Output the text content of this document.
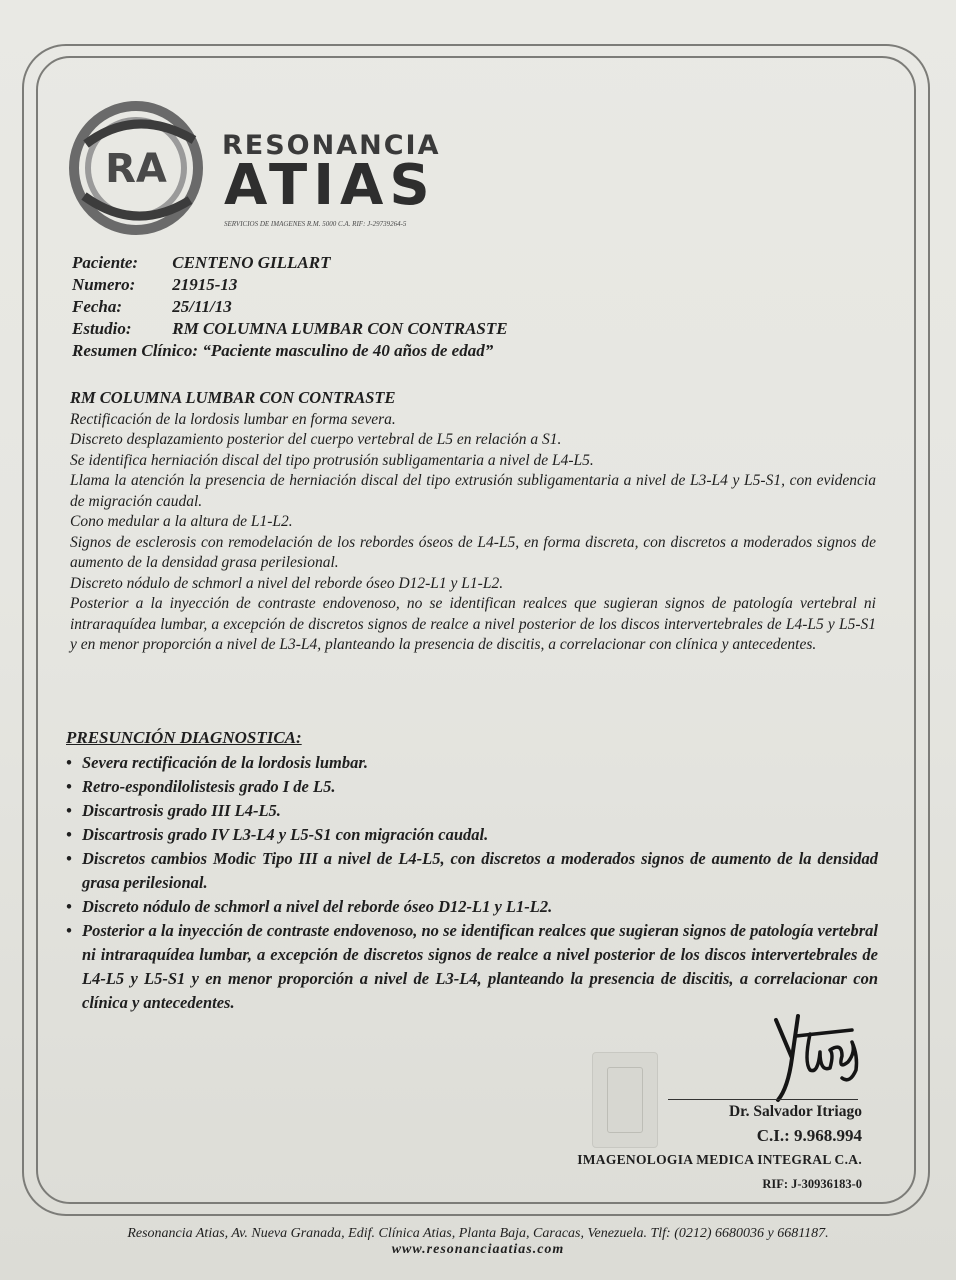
RA
RESONANCIA
ATIAS
SERVICIOS DE IMAGENES R.M. 5000 C.A. RIF: J-29739264-5
Paciente: CENTENO GILLART
Numero: 21915-13
Fecha:	25/11/13
Estudio: RM COLUMNA LUMBAR CON CONTRASTE
Resumen Clínico: “Paciente masculino de 40 años de edad”
RM COLUMNA LUMBAR CON CONTRASTE

Rectificación de la lordosis lumbar en forma severa.

Discreto desplazamiento posterior del cuerpo vertebral de L5 en relación a S1.

Se identifica herniación discal del tipo protrusión subligamentaria a nivel de L4-L5.

Llama la atención la presencia de herniación discal del tipo extrusión subligamentaria a nivel de L3-L4 y L5-S1, con evidencia de migración caudal.

Cono medular a la altura de L1-L2.

Signos de esclerosis con remodelación de los rebordes óseos de L4-L5, en forma discreta, con discretos a moderados signos de aumento de la densidad grasa perilesional.

Discreto nódulo de schmorl a nivel del reborde óseo D12-L1 y L1-L2.

Posterior a la inyección de contraste endovenoso, no se identifican realces que sugieran signos de patología vertebral ni intraraquídea lumbar, a excepción de discretos signos de realce a nivel posterior de los discos intervertebrales de L4-L5 y L5-S1 y en menor proporción a nivel de L3-L4, planteando la presencia de discitis, a correlacionar con clínica y antecedentes.

PRESUNCIÓN DIAGNOSTICA:
• Severa rectificación de la lordosis lumbar.
• Retro-espondilolistesis grado I de L5.
• Discartrosis grado III L4-L5.
• Discartrosis grado IV L3-L4 y L5-S1 con migración caudal.
• Discretos cambios Modic Tipo III a nivel de L4-L5, con discretos a moderados signos de aumento de la densidad grasa perilesional.
• Discreto nódulo de schmorl a nivel del reborde óseo D12-L1 y L1-L2.
• Posterior a la inyección de contraste endovenoso, no se identifican realces que sugieran signos de patología vertebral ni intraraquídea lumbar, a excepción de discretos signos de realce a nivel posterior de los discos intervertebrales de L4-L5 y L5-S1 y en menor proporción a nivel de L3-L4, planteando la presencia de discitis, a correlacionar con clínica y antecedentes.
Dr. Salvador Itriago
C.I.: 9.968.994
IMAGENOLOGIA MEDICA INTEGRAL C.A.
RIF: J-30936183-0
Resonancia Atias, Av. Nueva Granada, Edif. Clínica Atias, Planta Baja, Caracas, Venezuela. Tlf: (0212) 6680036 y 6681187.
www.resonanciaatias.com
